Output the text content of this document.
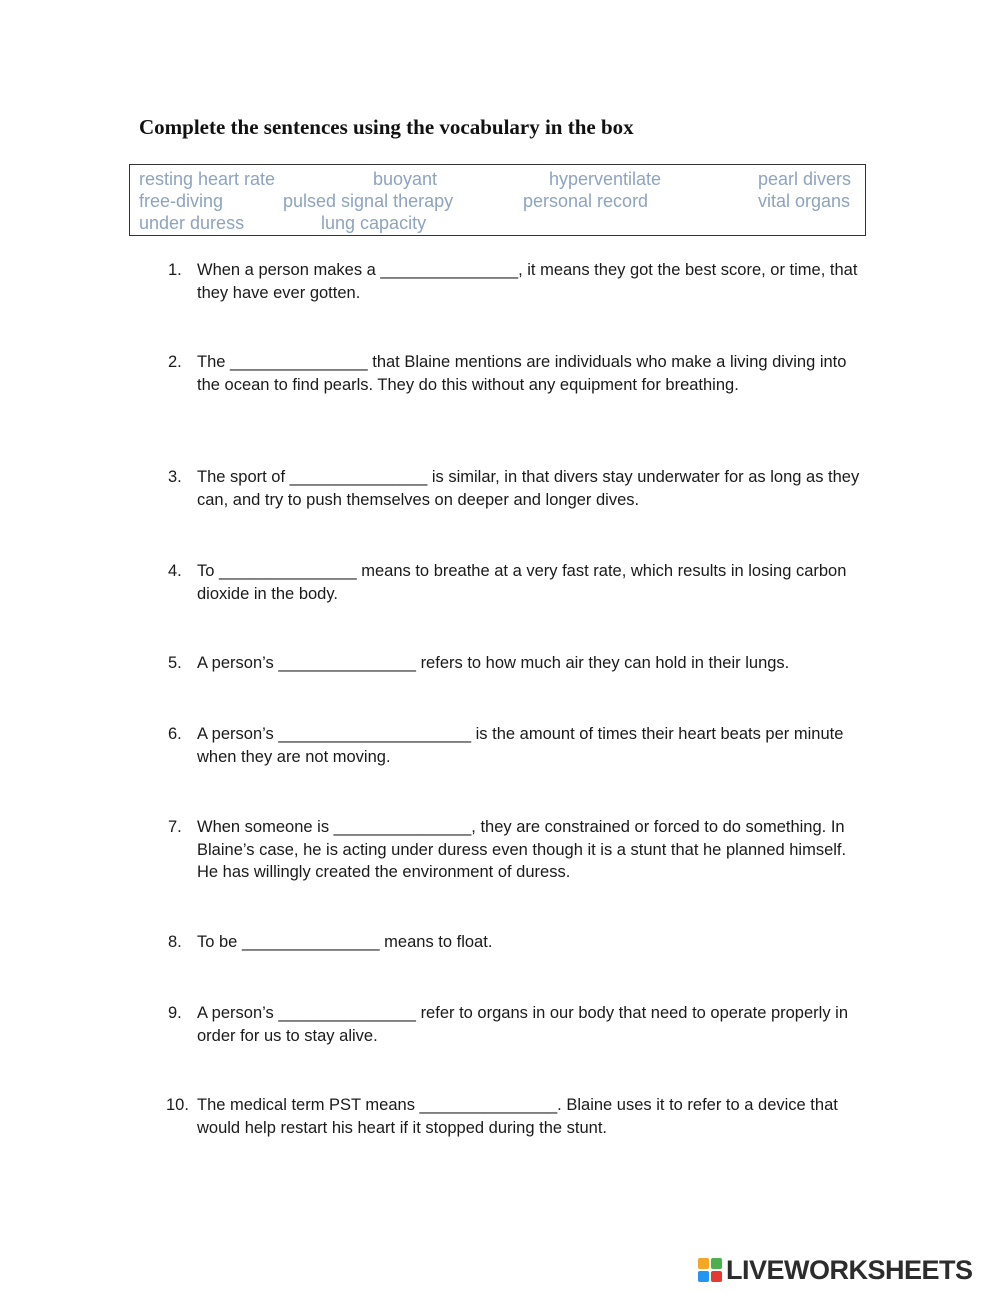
Complete the sentences using the vocabulary in the box
resting heart rate	buoyant	hyperventilate	pearl divers
free-diving	pulsed signal therapy	personal record	vital organs
under duress	lung capacity
1. When a person makes a _______________, it means they got the best score, or time, that they have ever gotten.
2. The _______________ that Blaine mentions are individuals who make a living diving into the ocean to find pearls. They do this without any equipment for breathing.
3. The sport of _______________ is similar, in that divers stay underwater for as long as they can, and try to push themselves on deeper and longer dives.
4. To _______________ means to breathe at a very fast rate, which results in losing carbon dioxide in the body.
5. A person’s _______________ refers to how much air they can hold in their lungs.
6. A person’s _____________________ is the amount of times their heart beats per minute when they are not moving.
7. When someone is _______________, they are constrained or forced to do something. In Blaine’s case, he is acting under duress even though it is a stunt that he planned himself. He has willingly created the environment of duress.
8. To be _______________ means to float.
9. A person’s _______________ refer to organs in our body that need to operate properly in order for us to stay alive.
10. The medical term PST means _______________. Blaine uses it to refer to a device that would help restart his heart if it stopped during the stunt.
LIVEWORKSHEETS
